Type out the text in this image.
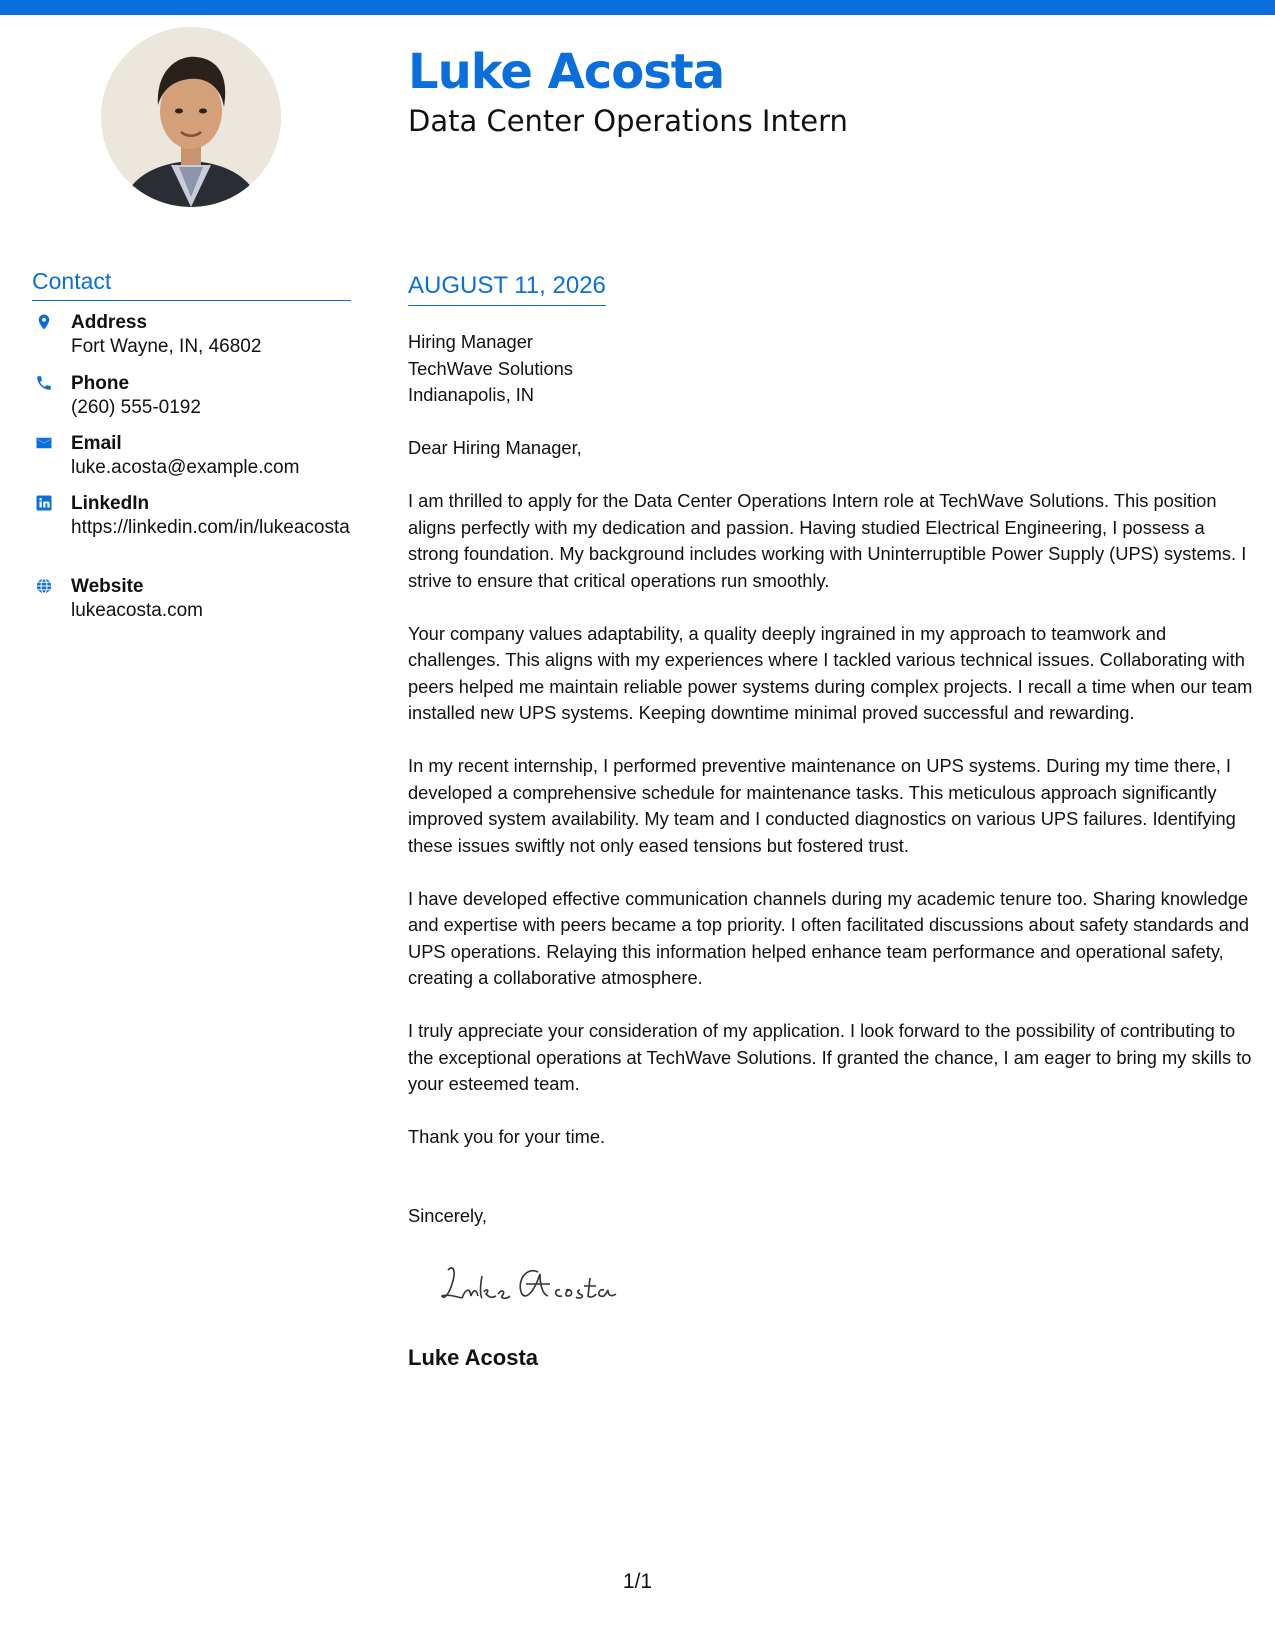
Luke Acosta
Data Center Operations Intern
Contact
Address
Fort Wayne, IN, 46802
Phone
(260) 555-0192
Email
luke.acosta@example.com
LinkedIn
https://linkedin.com/in/lukeacosta
Website
lukeacosta.com
AUGUST 11, 2026
Hiring Manager
TechWave Solutions
Indianapolis, IN

Dear Hiring Manager,

I am thrilled to apply for the Data Center Operations Intern role at TechWave Solutions. This position aligns perfectly with my dedication and passion. Having studied Electrical Engineering, I possess a strong foundation. My background includes working with Uninterruptible Power Supply (UPS) systems. I strive to ensure that critical operations run smoothly.

Your company values adaptability, a quality deeply ingrained in my approach to teamwork and challenges. This aligns with my experiences where I tackled various technical issues. Collaborating with peers helped me maintain reliable power systems during complex projects. I recall a time when our team installed new UPS systems. Keeping downtime minimal proved successful and rewarding.

In my recent internship, I performed preventive maintenance on UPS systems. During my time there, I developed a comprehensive schedule for maintenance tasks. This meticulous approach significantly improved system availability. My team and I conducted diagnostics on various UPS failures. Identifying these issues swiftly not only eased tensions but fostered trust.

I have developed effective communication channels during my academic tenure too. Sharing knowledge and expertise with peers became a top priority. I often facilitated discussions about safety standards and UPS operations. Relaying this information helped enhance team performance and operational safety, creating a collaborative atmosphere.

I truly appreciate your consideration of my application. I look forward to the possibility of contributing to the exceptional operations at TechWave Solutions. If granted the chance, I am eager to bring my skills to your esteemed team.

Thank you for your time.

Sincerely,
Luke Acosta
1/1
